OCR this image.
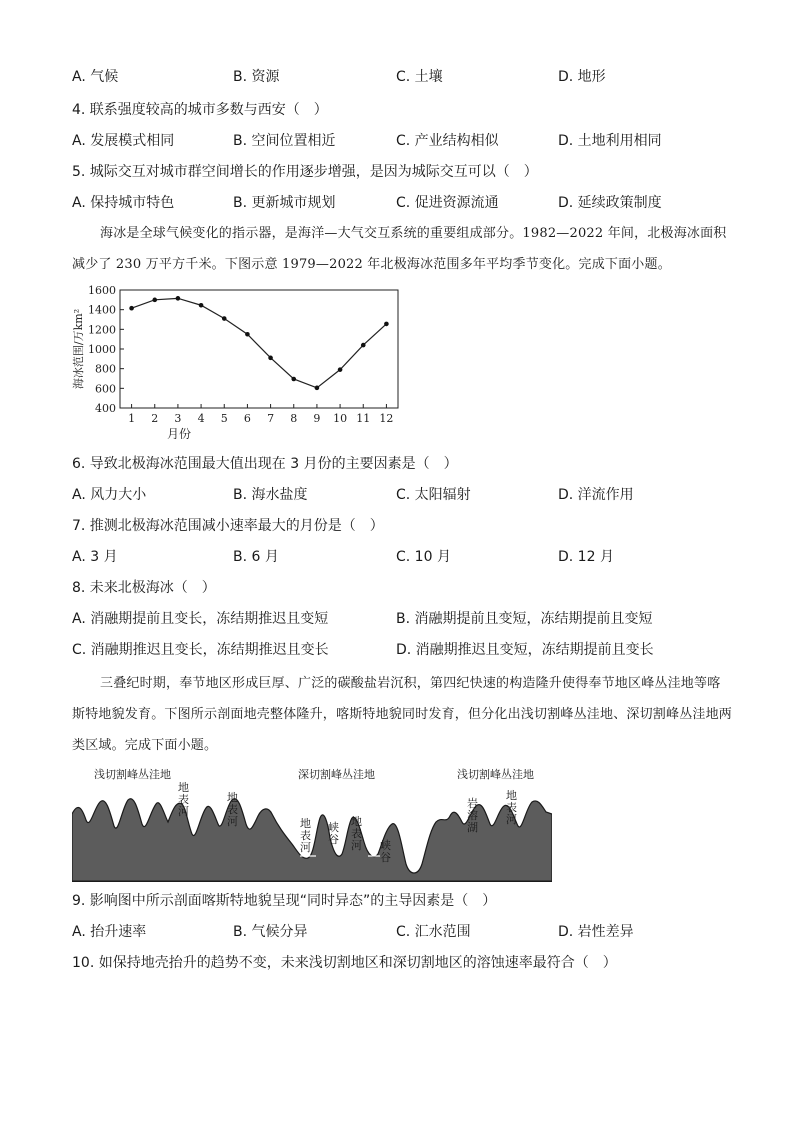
A. 气候	B. 资源	C. 土壤	D. 地形
4. 联系强度较高的城市多数与西安（　）
A. 发展模式相同	B. 空间位置相近	C. 产业结构相似	D. 土地利用相同
5. 城际交互对城市群空间增长的作用逐步增强，是因为城际交互可以（　）
A. 保持城市特色	B. 更新城市规划	C. 促进资源流通	D. 延续政策制度
海冰是全球气候变化的指示器，是海洋—大气交互系统的重要组成部分。1982—2022 年间，北极海冰面积减少了 230 万平方千米。下图示意 1979—2022 年北极海冰范围多年平均季节变化。完成下面小题。
400
600
800
1000
1200
1400
1600
1 2 3 4 5 6 7 8 9 10 11 12
月份
海冰范围/万km²
6. 导致北极海冰范围最大值出现在 3 月份的主要因素是（　）
A. 风力大小	B. 海水盐度	C. 太阳辐射	D. 洋流作用
7. 推测北极海冰范围减小速率最大的月份是（　）
A. 3 月	B. 6 月	C. 10 月	D. 12 月
8. 未来北极海冰（　）
A. 消融期提前且变长，冻结期推迟且变短	B. 消融期提前且变短，冻结期提前且变短
C. 消融期推迟且变长，冻结期推迟且变长	D. 消融期推迟且变短，冻结期提前且变长
三叠纪时期，奉节地区形成巨厚、广泛的碳酸盐岩沉积，第四纪快速的构造隆升使得奉节地区峰丛洼地等喀斯特地貌发育。下图所示剖面地壳整体隆升，喀斯特地貌同时发育，但分化出浅切割峰丛洼地、深切割峰丛洼地两类区域。完成下面小题。
浅切割峰丛洼地	深切割峰丛洼地	浅切割峰丛洼地
地表河
地表河	地表河
峡谷
地表河 峡谷
岩溶湖
地表河
9. 影响图中所示剖面喀斯特地貌呈现“同时异态”的主导因素是（　）
A. 抬升速率	B. 气候分异	C. 汇水范围	D. 岩性差异
10. 如保持地壳抬升的趋势不变，未来浅切割地区和深切割地区的溶蚀速率最符合（　）
